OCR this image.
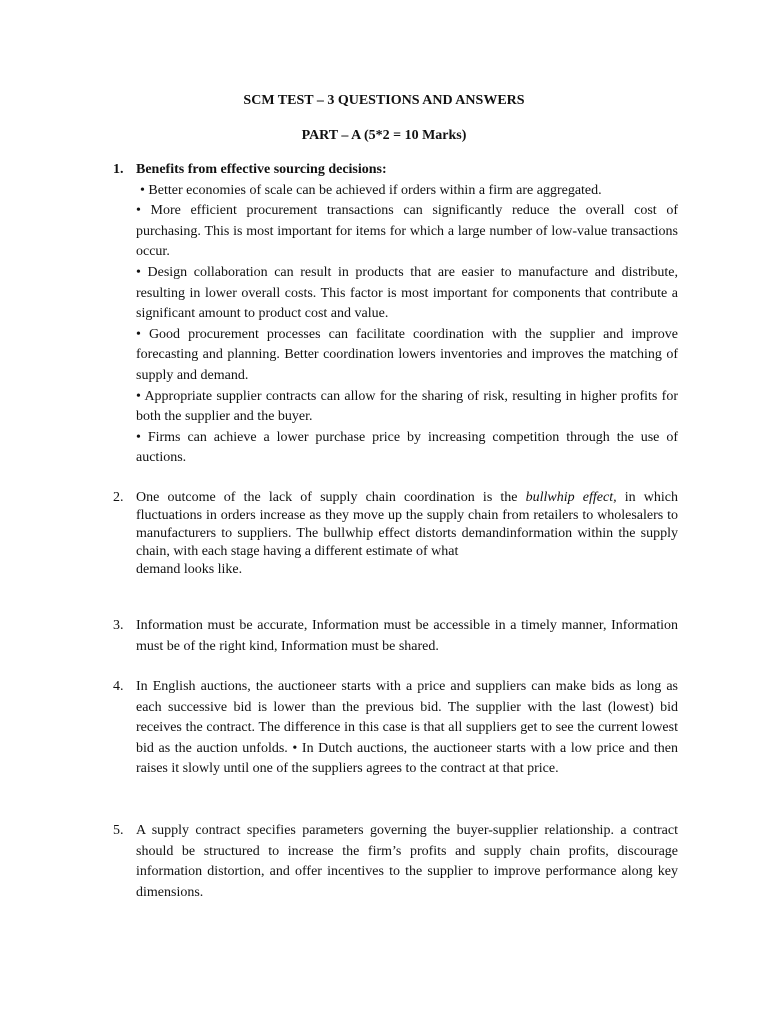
SCM TEST – 3 QUESTIONS AND ANSWERS
PART – A (5*2 = 10 Marks)
1. Benefits from effective sourcing decisions:

• Better economies of scale can be achieved if orders within a firm are aggregated.

• More efficient procurement transactions can significantly reduce the overall cost of purchasing. This is most important for items for which a large number of low-value transactions occur.

• Design collaboration can result in products that are easier to manufacture and distribute, resulting in lower overall costs. This factor is most important for components that contribute a significant amount to product cost and value.

• Good procurement processes can facilitate coordination with the supplier and improve forecasting and planning. Better coordination lowers inventories and improves the matching of supply and demand.

• Appropriate supplier contracts can allow for the sharing of risk, resulting in higher profits for both the supplier and the buyer.

• Firms can achieve a lower purchase price by increasing competition through the use of auctions.

2. One outcome of the lack of supply chain coordination is the bullwhip effect, in which fluctuations in orders increase as they move up the supply chain from retailers to wholesalers to manufacturers to suppliers. The bullwhip effect distorts demandinformation within the supply chain, with each stage having a different estimate of what

demand looks like.

3. Information must be accurate, Information must be accessible in a timely manner, Information must be of the right kind, Information must be shared.

4. In English auctions, the auctioneer starts with a price and suppliers can make bids as long as each successive bid is lower than the previous bid. The supplier with the last (lowest) bid receives the contract. The difference in this case is that all suppliers get to see the current lowest bid as the auction unfolds. • In Dutch auctions, the auctioneer starts with a low price and then raises it slowly until one of the suppliers agrees to the contract at that price.

5. A supply contract specifies parameters governing the buyer-supplier relationship. a contract should be structured to increase the firm’s profits and supply chain profits, discourage information distortion, and offer incentives to the supplier to improve performance along key dimensions.
